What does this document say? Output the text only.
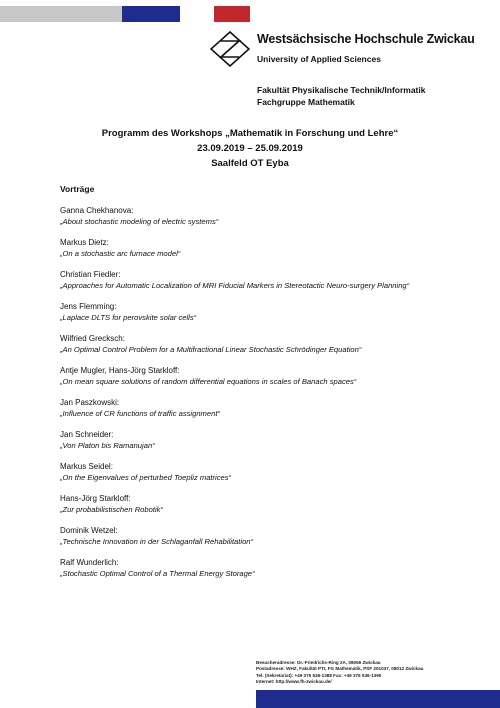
Westsächsische Hochschule Zwickau
University of Applied Sciences
Fakultät Physikalische Technik/Informatik
Fachgruppe Mathematik
Programm des Workshops „Mathematik in Forschung und Lehre“
23.09.2019 – 25.09.2019
Saalfeld OT Eyba
Vorträge
Ganna Chekhanova:
„About stochastic modeling of electric systems“
Markus Dietz:
„On a stochastic arc furnace model“
Christian Fiedler:
„Approaches for Automatic Localization of MRI Fiducial Markers in Stereotactic Neuro-surgery Planning“
Jens Flemming:
„Laplace DLTS for perovskite solar cells“
Wilfried Grecksch:
„An Optimal Control Problem for a Multifractional Linear Stochastic Schrödinger Equation“
Antje Mugler, Hans-Jörg Starkloff:
„On mean square solutions of random differential equations in scales of Banach spaces“
Jan Paszkowski:
„Influence of CR functions of traffic assignment“
Jan Schneider:
„Von Platon bis Ramanujan“
Markus Seidel:
„On the Eigenvalues of perturbed Toepliz matrices“
Hans-Jörg Starkloff:
„Zur probabilistischen Robotik“
Dominik Wetzel:
„Technische Innovation in der Schlaganfall Rehabilitation“
Ralf Wunderlich:
„Stochastic Optimal Control of a Thermal Energy Storage“
Besucheradresse: Dr.-Friedrichs-Ring 2A, 08056 Zwickau
Postadresse: WHZ, Fakultät PTI, FG Mathematik, PSF 201037, 08012 Zwickau
Tel. (Sekretariat): +49 375 536-1388 Fax: +49 375 536-1390
Internet: http://www.fh-zwickau.de/
